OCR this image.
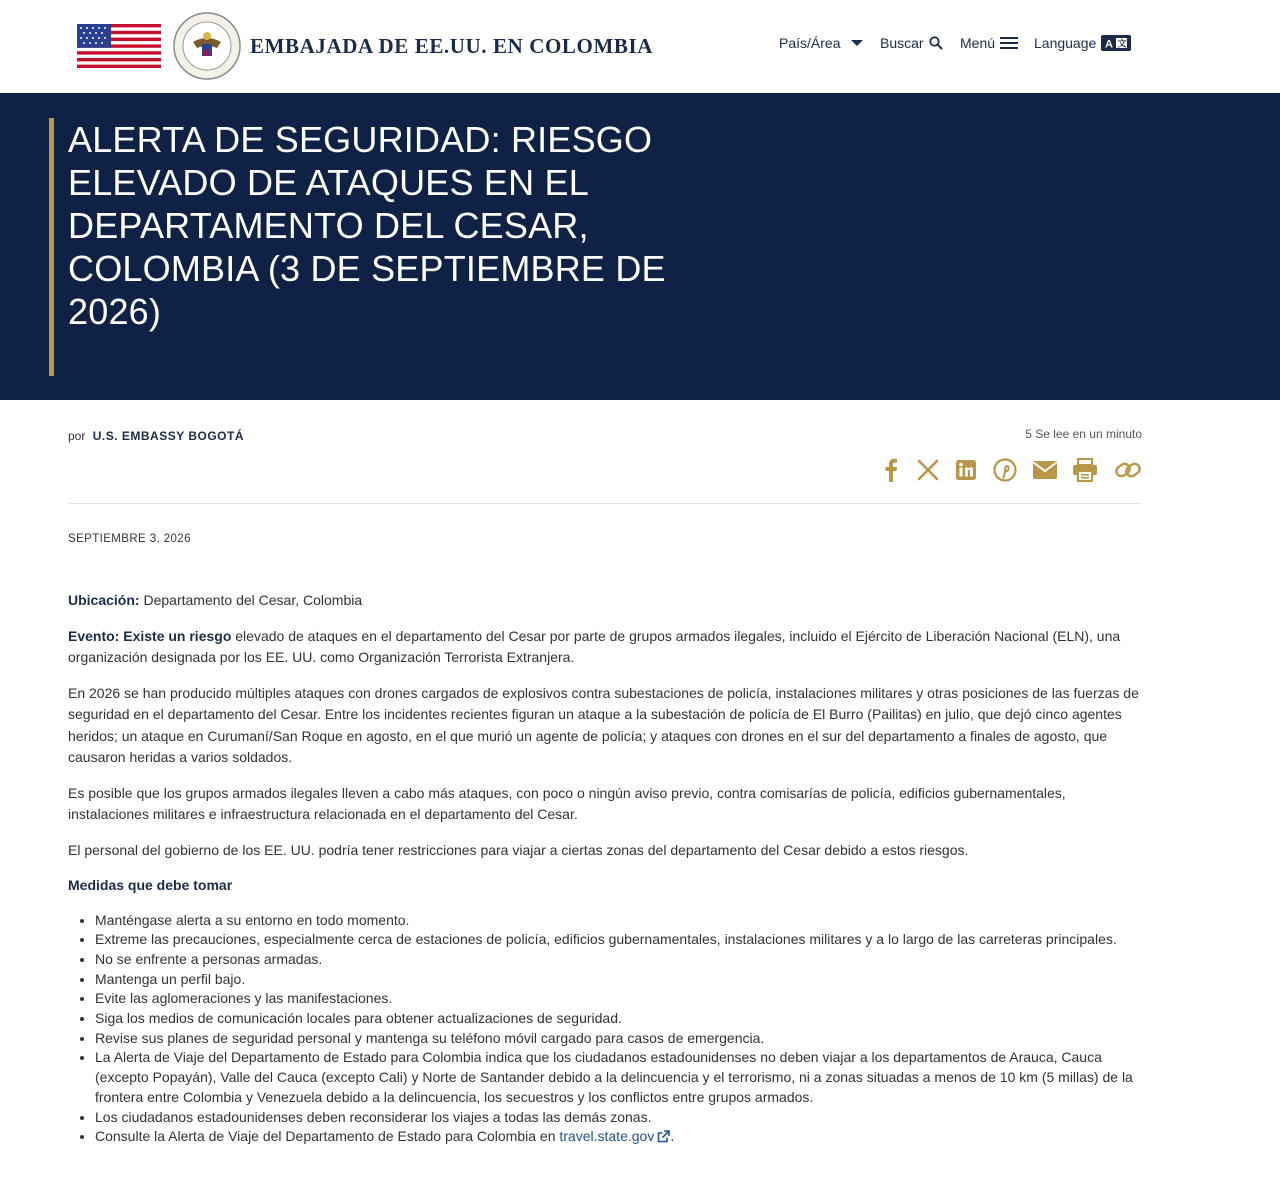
EMBAJADA DE EE.UU. EN COLOMBIA	País/Área	Buscar	Menú	Language A 文
ALERTA DE SEGURIDAD: RIESGO ELEVADO DE ATAQUES EN EL DEPARTAMENTO DEL CESAR, COLOMBIA (3 DE SEPTIEMBRE DE 2026)
por U.S. EMBASSY BOGOTÁ	5 Se lee en un minuto
SEPTIEMBRE 3, 2026

Ubicación: Departamento del Cesar, Colombia

Evento: Existe un riesgo elevado de ataques en el departamento del Cesar por parte de grupos armados ilegales, incluido el Ejército de Liberación Nacional (ELN), una organización designada por los EE. UU. como Organización Terrorista Extranjera.

En 2026 se han producido múltiples ataques con drones cargados de explosivos contra subestaciones de policía, instalaciones militares y otras posiciones de las fuerzas de seguridad en el departamento del Cesar. Entre los incidentes recientes figuran un ataque a la subestación de policía de El Burro (Pailitas) en julio, que dejó cinco agentes heridos; un ataque en Curumaní/San Roque en agosto, en el que murió un agente de policía; y ataques con drones en el sur del departamento a finales de agosto, que causaron heridas a varios soldados.

Es posible que los grupos armados ilegales lleven a cabo más ataques, con poco o ningún aviso previo, contra comisarías de policía, edificios gubernamentales, instalaciones militares e infraestructura relacionada en el departamento del Cesar.

El personal del gobierno de los EE. UU. podría tener restricciones para viajar a ciertas zonas del departamento del Cesar debido a estos riesgos.

Medidas que debe tomar
• Manténgase alerta a su entorno en todo momento.
• Extreme las precauciones, especialmente cerca de estaciones de policía, edificios gubernamentales, instalaciones militares y a lo largo de las carreteras principales.
• No se enfrente a personas armadas.
• Mantenga un perfil bajo.
• Evite las aglomeraciones y las manifestaciones.
• Siga los medios de comunicación locales para obtener actualizaciones de seguridad.
• Revise sus planes de seguridad personal y mantenga su teléfono móvil cargado para casos de emergencia.
• La Alerta de Viaje del Departamento de Estado para Colombia indica que los ciudadanos estadounidenses no deben viajar a los departamentos de Arauca, Cauca (excepto Popayán), Valle del Cauca (excepto Cali) y Norte de Santander debido a la delincuencia y el terrorismo, ni a zonas situadas a menos de 10 km (5 millas) de la frontera entre Colombia y Venezuela debido a la delincuencia, los secuestros y los conflictos entre grupos armados.
• Los ciudadanos estadounidenses deben reconsiderar los viajes a todas las demás zonas.
• Consulte la Alerta de Viaje del Departamento de Estado para Colombia en travel.state.gov .
